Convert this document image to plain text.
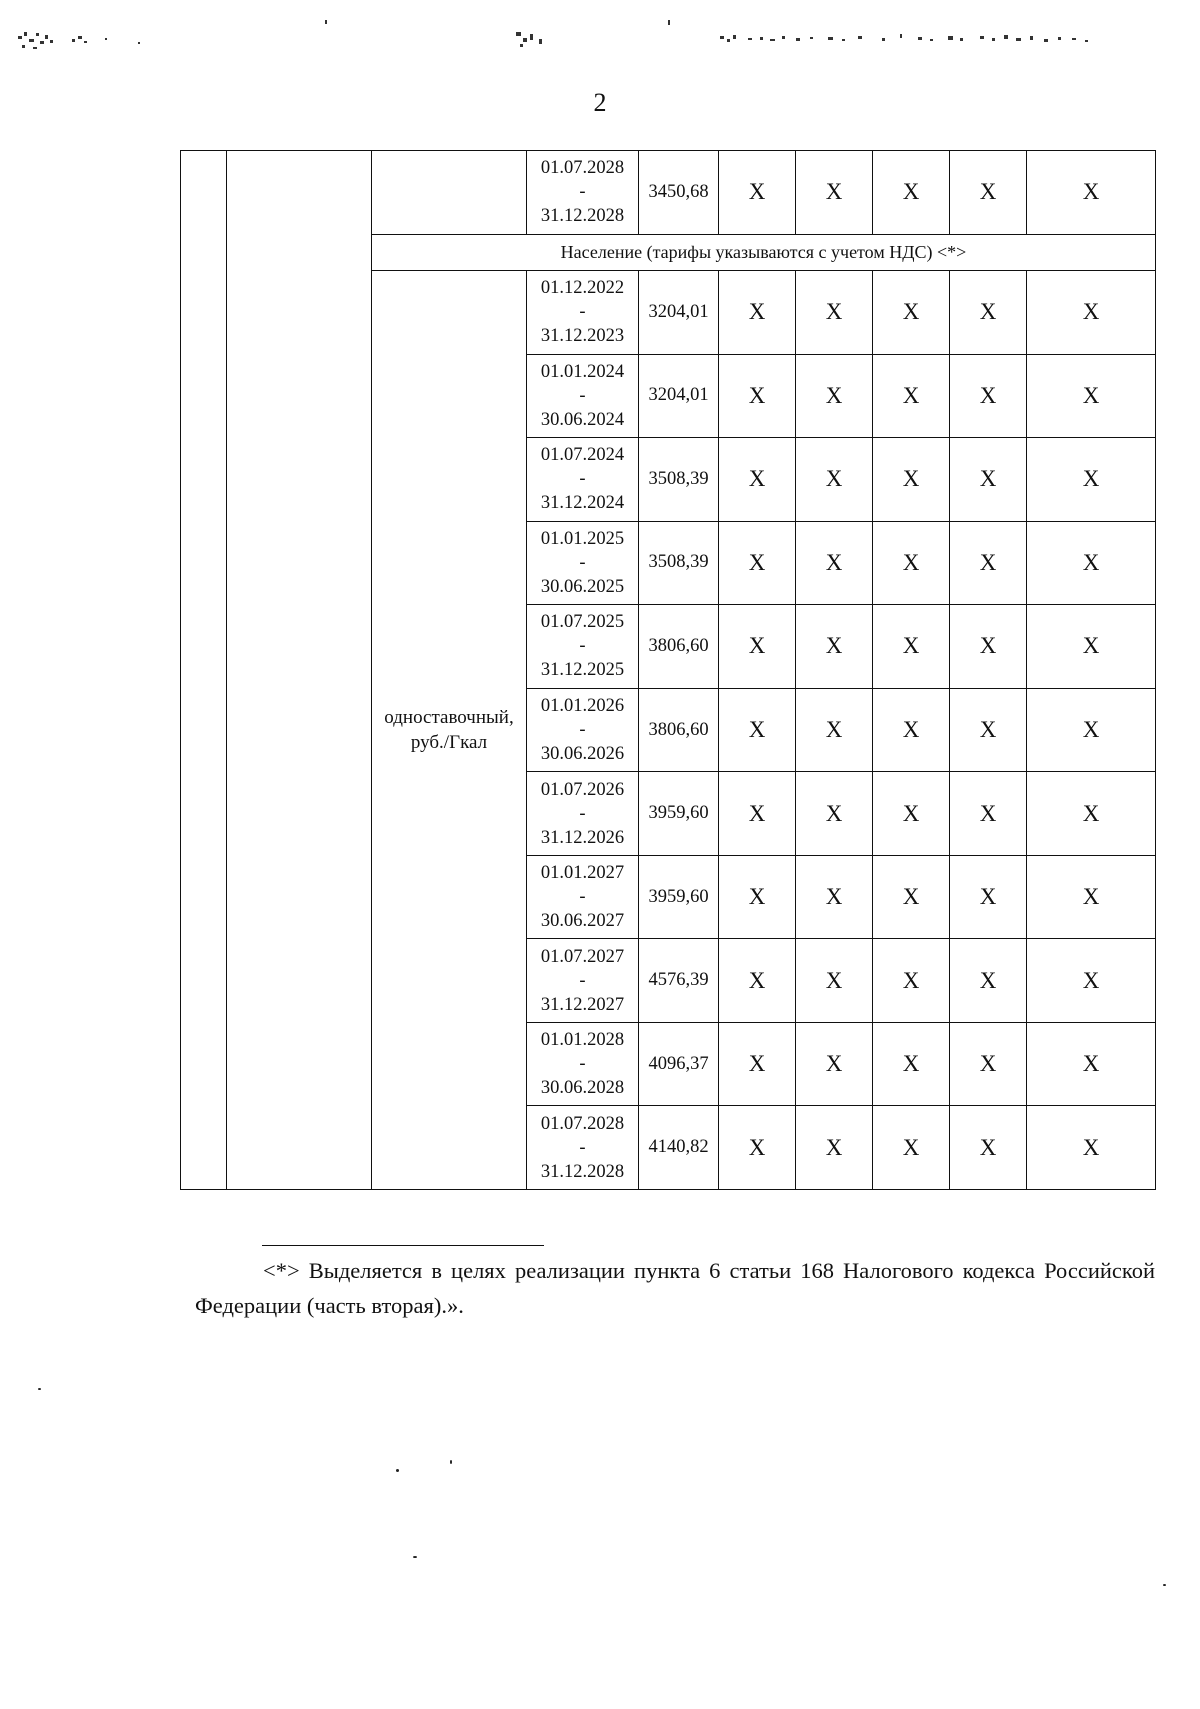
2

			01.07.2028
-
31.12.2028	3450,68	X	X	X	X	X
		Население (тарифы указываются с учетом НДС) <*>							
		одноставочный, руб./Гкал	01.12.2022
-
31.12.2023	3204,01	X	X	X	X	X

			01.01.2024
-
30.06.2024	3204,01	X	X	X	X	X

			01.07.2024
-
31.12.2024	3508,39	X	X	X	X	X

			01.01.2025
-
30.06.2025	3508,39	X	X	X	X	X

			01.07.2025
-
31.12.2025	3806,60	X	X	X	X	X

			01.01.2026
-
30.06.2026	3806,60	X	X	X	X	X

			01.07.2026
-
31.12.2026	3959,60	X	X	X	X	X

			01.01.2027
-
30.06.2027	3959,60	X	X	X	X	X

			01.07.2027
-
31.12.2027	4576,39	X	X	X	X	X

			01.01.2028
-
30.06.2028	4096,37	X	X	X	X	X

			01.07.2028
-
31.12.2028	4140,82	X	X	X	X	X
<*> Выделяется в целях реализации пункта 6 статьи 168 Налогового кодекса Российской Федерации (часть вторая).».
